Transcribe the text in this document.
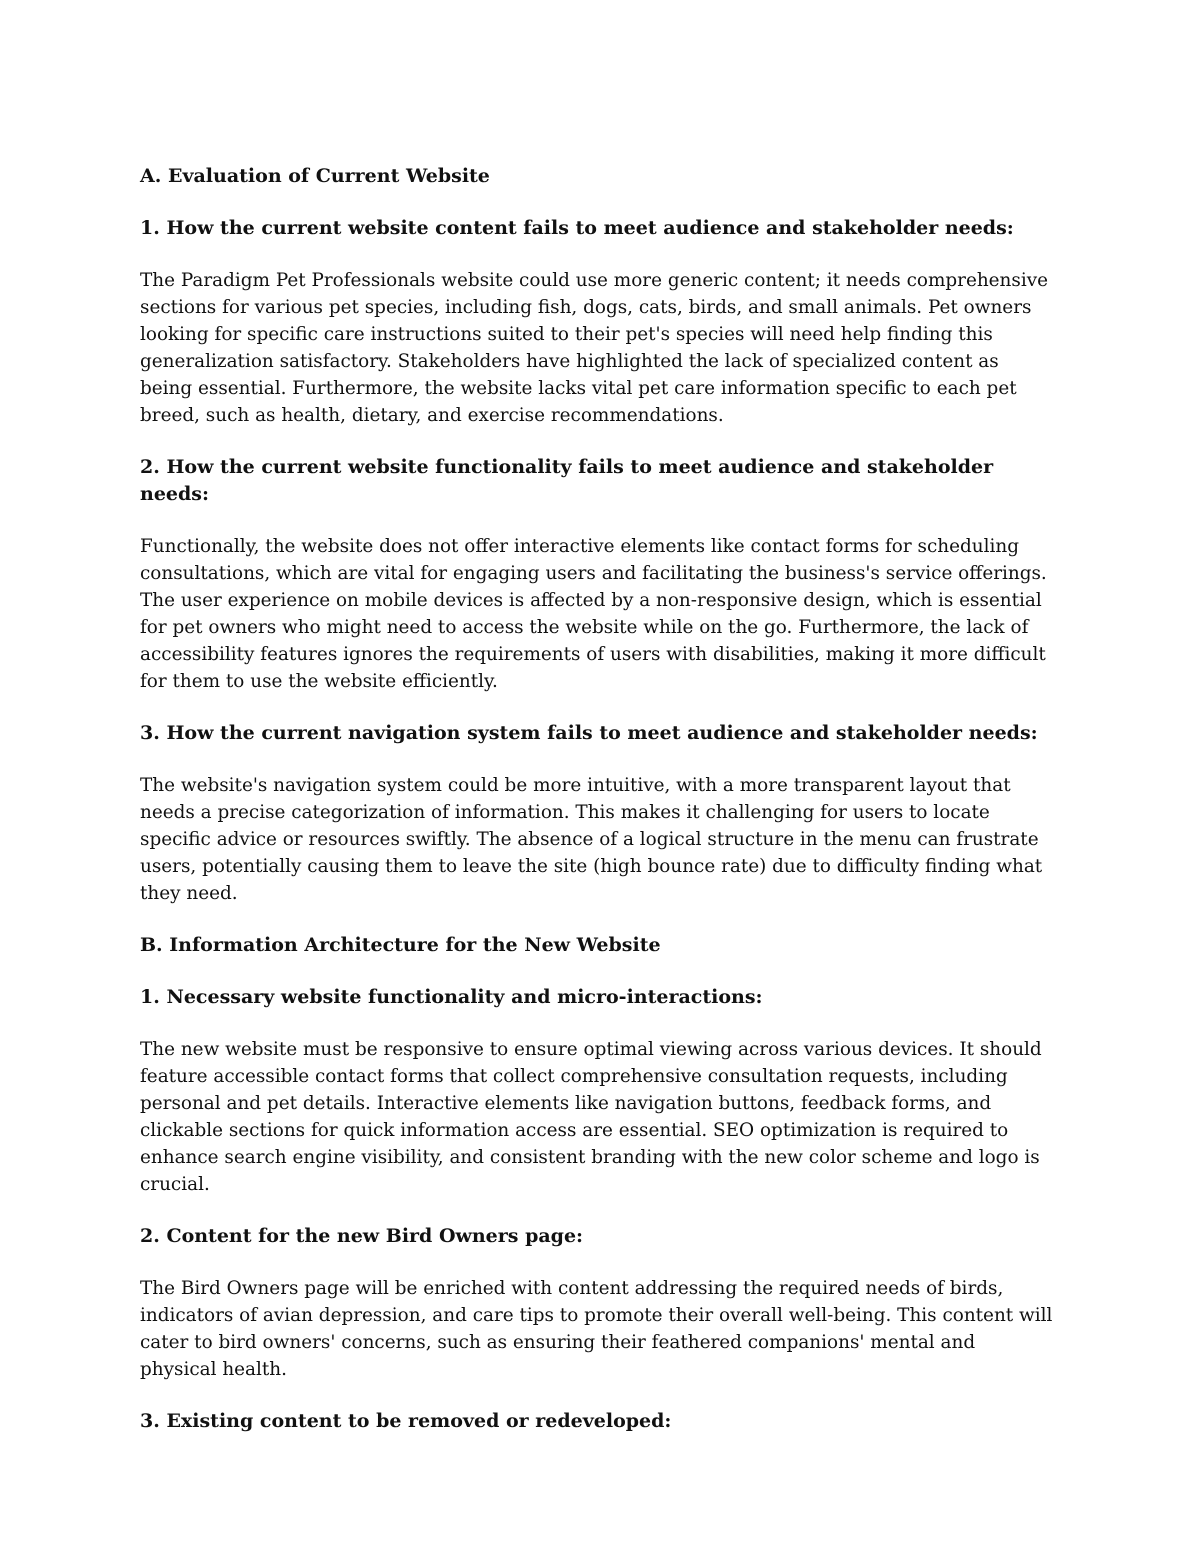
A. Evaluation of Current Website

1. How the current website content fails to meet audience and stakeholder needs:

The Paradigm Pet Professionals website could use more generic content; it needs comprehensive sections for various pet species, including fish, dogs, cats, birds, and small animals. Pet owners looking for specific care instructions suited to their pet's species will need help finding this generalization satisfactory. Stakeholders have highlighted the lack of specialized content as being essential. Furthermore, the website lacks vital pet care information specific to each pet breed, such as health, dietary, and exercise recommendations.

2. How the current website functionality fails to meet audience and stakeholder needs:

Functionally, the website does not offer interactive elements like contact forms for scheduling consultations, which are vital for engaging users and facilitating the business's service offerings. The user experience on mobile devices is affected by a non-responsive design, which is essential for pet owners who might need to access the website while on the go. Furthermore, the lack of accessibility features ignores the requirements of users with disabilities, making it more difficult for them to use the website efficiently.

3. How the current navigation system fails to meet audience and stakeholder needs:

The website's navigation system could be more intuitive, with a more transparent layout that needs a precise categorization of information. This makes it challenging for users to locate specific advice or resources swiftly. The absence of a logical structure in the menu can frustrate users, potentially causing them to leave the site (high bounce rate) due to difficulty finding what they need.

B. Information Architecture for the New Website

1. Necessary website functionality and micro-interactions:

The new website must be responsive to ensure optimal viewing across various devices. It should feature accessible contact forms that collect comprehensive consultation requests, including personal and pet details. Interactive elements like navigation buttons, feedback forms, and clickable sections for quick information access are essential. SEO optimization is required to enhance search engine visibility, and consistent branding with the new color scheme and logo is crucial.

2. Content for the new Bird Owners page:

The Bird Owners page will be enriched with content addressing the required needs of birds, indicators of avian depression, and care tips to promote their overall well-being. This content will cater to bird owners' concerns, such as ensuring their feathered companions' mental and physical health.

3. Existing content to be removed or redeveloped:
